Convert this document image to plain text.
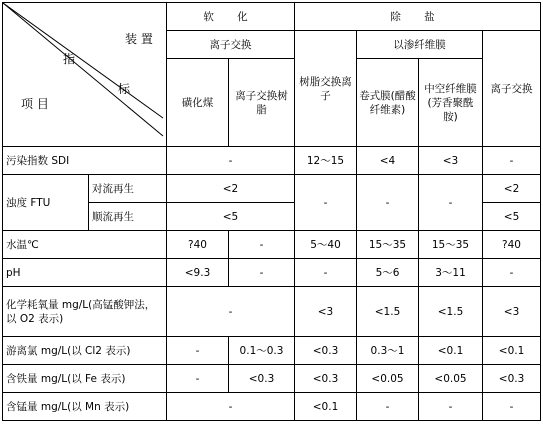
装 置
指
标
项 目		软 化		除 盐			
		离子交换		树脂交换离子	以渗纤维膜		离子交换
		磺化煤	离子交换树脂		卷式膜(醋酸纤维素)	中空纤维膜(芳香聚酰胺)	
污染指数 SDI		-		12～15	<4	<3	-
浊度 FTU	对流再生	<2		-	-	-	<2
	顺流再生	<5					<5
水温℃		?40	-	5～40	15～35	15～35	?40
pH		<9.3	-	-	5～6	3～11	-
化学耗氧量 mg/L(高锰酸钾法，以 O2 表示)		-		<3	<1.5	<1.5	<3
游离氯 mg/L(以 Cl2 表示)		-	0.1～0.3	<0.3	0.3～1	<0.1	<0.1
含铁量 mg/L(以 Fe 表示)		-	<0.3	<0.3	<0.05	<0.05	<0.3
含锰量 mg/L(以 Mn 表示)		-		<0.1	-	-	-
